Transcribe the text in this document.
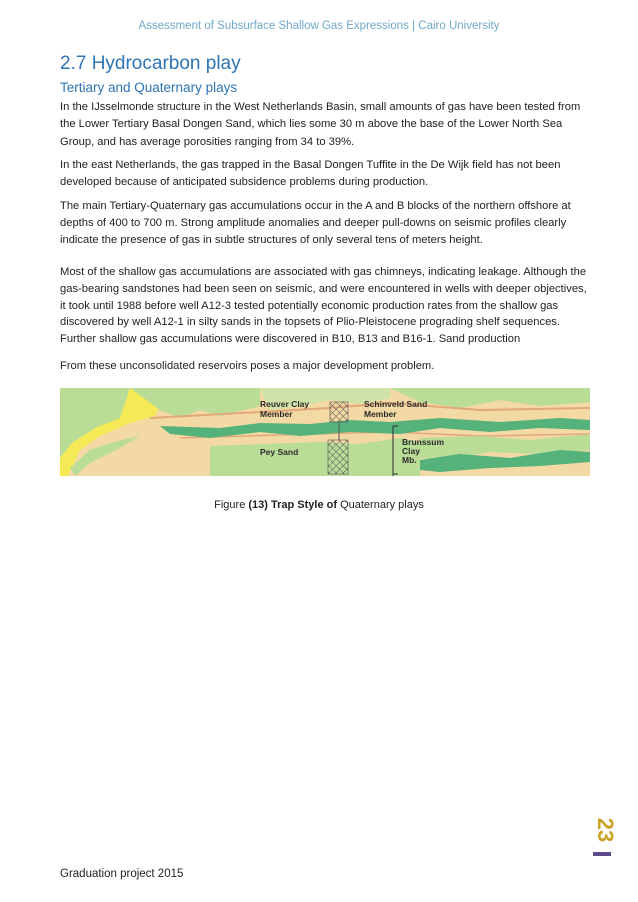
Assessment of Subsurface Shallow Gas Expressions | Cairo University
2.7 Hydrocarbon play
Tertiary and Quaternary plays

In the IJsselmonde structure in the West Netherlands Basin, small amounts of gas have been tested from the Lower Tertiary Basal Dongen Sand, which lies some 30 m above the base of the Lower North Sea Group, and has average porosities ranging from 34 to 39%.

In the east Netherlands, the gas trapped in the Basal Dongen Tuffite in the De Wijk field has not been developed because of anticipated subsidence problems during production.

The main Tertiary-Quaternary gas accumulations occur in the A and B blocks of the northern offshore at depths of 400 to 700 m. Strong amplitude anomalies and deeper pull-downs on seismic profiles clearly indicate the presence of gas in subtle structures of only several tens of meters height.

Most of the shallow gas accumulations are associated with gas chimneys, indicating leakage. Although the gas-bearing sandstones had been seen on seismic, and were encountered in wells with deeper objectives, it took until 1988 before well A12-3 tested potentially economic production rates from the shallow gas discovered by well A12-1 in silty sands in the topsets of Plio-Pleistocene prograding shelf sequences. Further shallow gas accumulations were discovered in B10, B13 and B16-1. Sand production

From these unconsolidated reservoirs poses a major development problem.

Reuver Clay
Member
Schinveld Sand
Member
Brunssum
Clay
Mb.
Pey Sand
Figure (13) Trap Style of Quaternary plays
23
Graduation project 2015
